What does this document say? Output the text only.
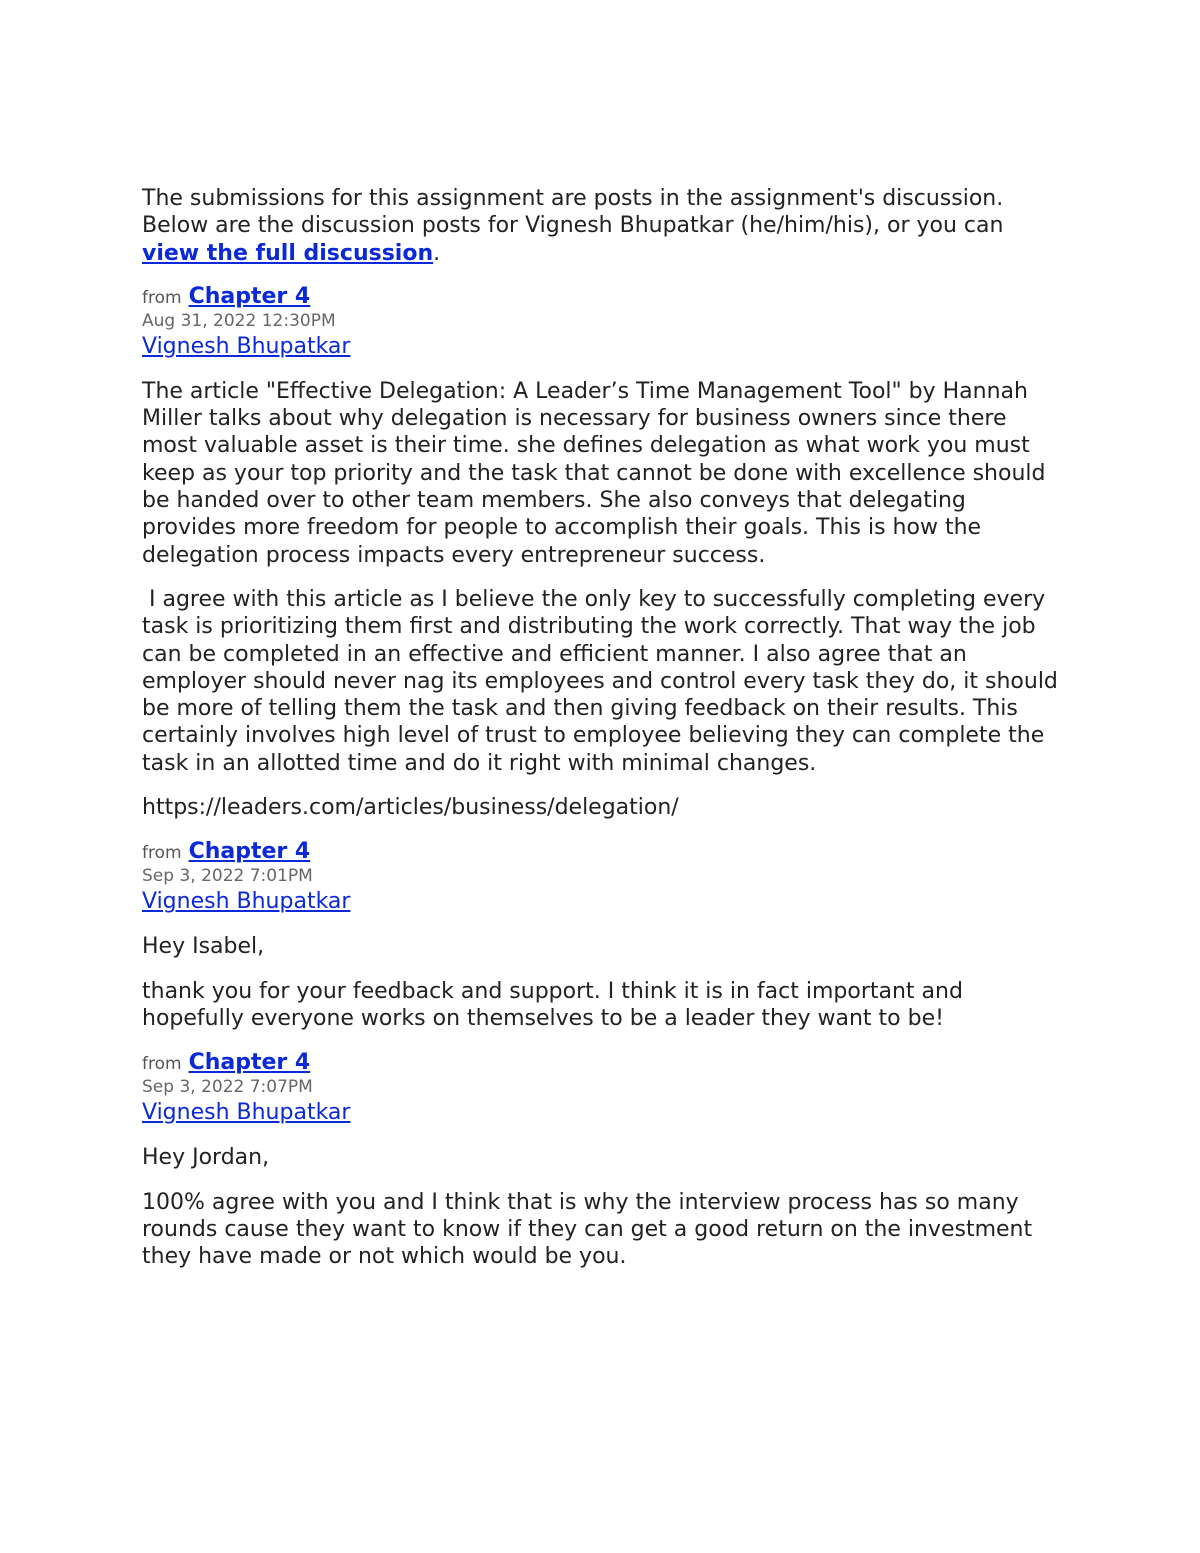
The submissions for this assignment are posts in the assignment's discussion. Below are the discussion posts for Vignesh Bhupatkar (he/him/his), or you can view the full discussion.

from Chapter 4
Aug 31, 2022 12:30PM
Vignesh Bhupatkar

The article "Effective Delegation: A Leader’s Time Management Tool" by Hannah Miller talks about why delegation is necessary for business owners since there most valuable asset is their time. she defines delegation as what work you must keep as your top priority and the task that cannot be done with excellence should be handed over to other team members. She also conveys that delegating provides more freedom for people to accomplish their goals. This is how the delegation process impacts every entrepreneur success.

I agree with this article as I believe the only key to successfully completing every task is prioritizing them first and distributing the work correctly. That way the job can be completed in an effective and efficient manner. I also agree that an employer should never nag its employees and control every task they do, it should be more of telling them the task and then giving feedback on their results. This certainly involves high level of trust to employee believing they can complete the task in an allotted time and do it right with minimal changes.

https://leaders.com/articles/business/delegation/

from Chapter 4
Sep 3, 2022 7:01PM
Vignesh Bhupatkar

Hey Isabel,

thank you for your feedback and support. I think it is in fact important and hopefully everyone works on themselves to be a leader they want to be!

from Chapter 4
Sep 3, 2022 7:07PM
Vignesh Bhupatkar

Hey Jordan,

100% agree with you and I think that is why the interview process has so many rounds cause they want to know if they can get a good return on the investment they have made or not which would be you.
